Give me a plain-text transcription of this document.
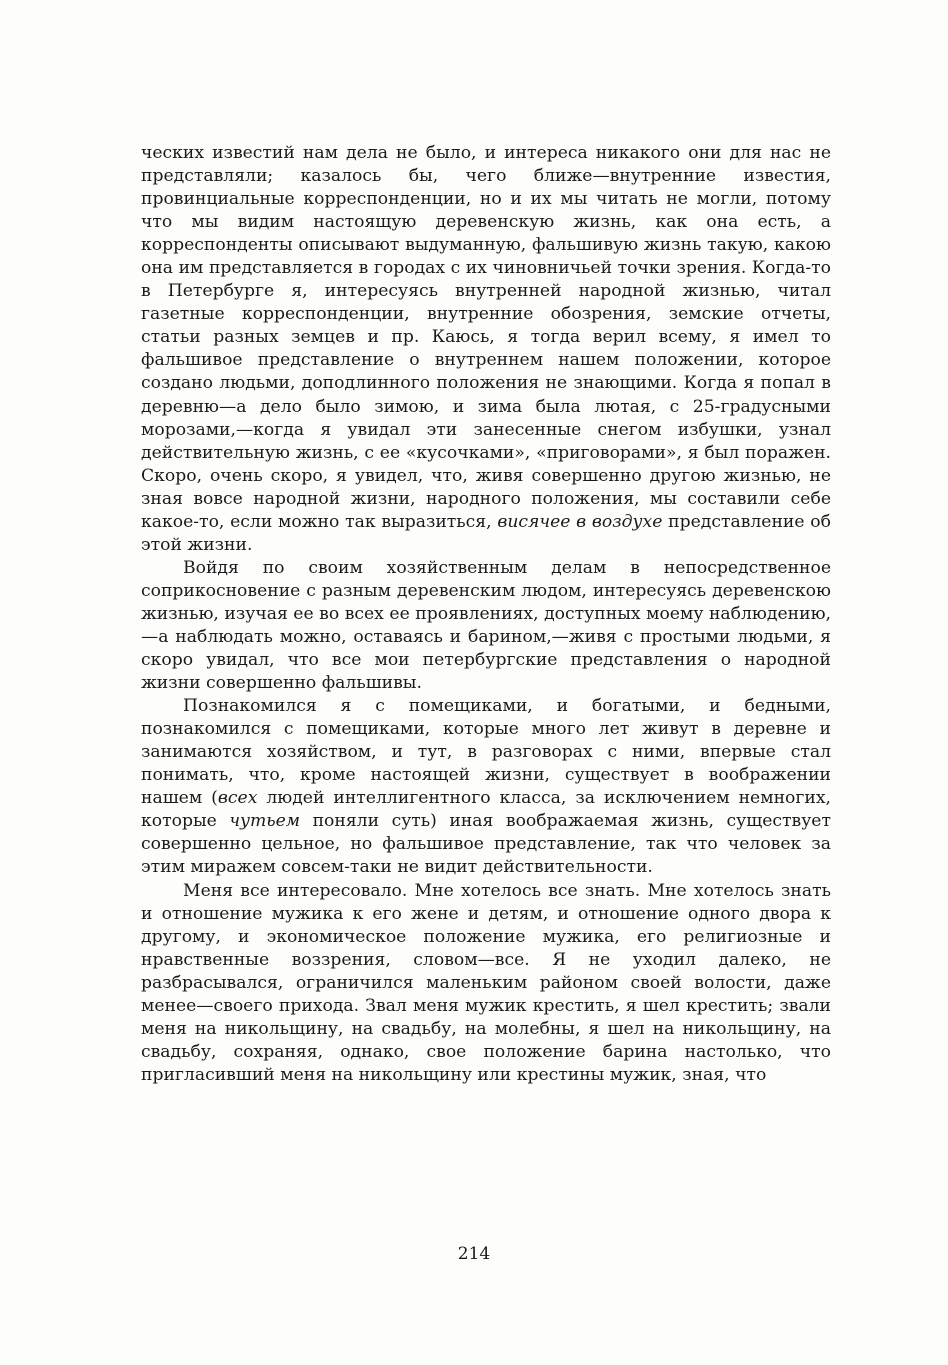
ческих известий нам дела не было, и интереса никакого они для нас не представляли; казалось бы, чего ближе—внутренние известия, провинциальные корреспонденции, но и их мы читать не могли, потому что мы видим настоящую деревенскую жизнь, как она есть, а корреспонденты описывают выдуманную, фальшивую жизнь такую, какою она им представляется в городах с их чиновничьей точки зрения. Когда-то в Петербурге я, интересуясь внутренней народной жизнью, читал газетные корреспонденции, внутренние обозрения, земские отчеты, статьи разных земцев и пр. Каюсь, я тогда верил всему, я имел то фальшивое представление о внутреннем нашем положении, которое создано людьми, доподлинного положения не знающими. Когда я попал в деревню—а дело было зимою, и зима была лютая, с 25-градусными морозами,—когда я увидал эти занесенные снегом избушки, узнал действительную жизнь, с ее «кусочками», «приговорами», я был поражен. Скоро, очень скоро, я увидел, что, живя совершенно другою жизнью, не зная вовсе народной жизни, народного положения, мы составили себе какое-то, если можно так выразиться, висячее в воздухе представление об этой жизни.

Войдя по своим хозяйственным делам в непосредственное соприкосновение с разным деревенским людом, интересуясь деревенскою жизнью, изучая ее во всех ее проявлениях, доступных моему наблюдению,—а наблюдать можно, оставаясь и барином,—живя с простыми людьми, я скоро увидал, что все мои петербургские представления о народной жизни совершенно фальшивы.

Познакомился я с помещиками, и богатыми, и бедными, познакомился с помещиками, которые много лет живут в деревне и занимаются хозяйством, и тут, в разговорах с ними, впервые стал понимать, что, кроме настоящей жизни, существует в воображении нашем (всех людей интеллигентного класса, за исключением немногих, которые чутьем поняли суть) иная воображаемая жизнь, существует совершенно цельное, но фальшивое представление, так что человек за этим миражем совсем-таки не видит действительности.

Меня все интересовало. Мне хотелось все знать. Мне хотелось знать и отношение мужика к его жене и детям, и отношение одного двора к другому, и экономическое положение мужика, его религиозные и нравственные воззрения, словом—все. Я не уходил далеко, не разбрасывался, ограничился маленьким районом своей волости, даже менее—своего прихода. Звал меня мужик крестить, я шел крестить; звали меня на никольщину, на свадьбу, на молебны, я шел на никольщину, на свадьбу, сохраняя, однако, свое положение барина настолько, что пригласивший меня на никольщину или крестины мужик, зная, что

214
